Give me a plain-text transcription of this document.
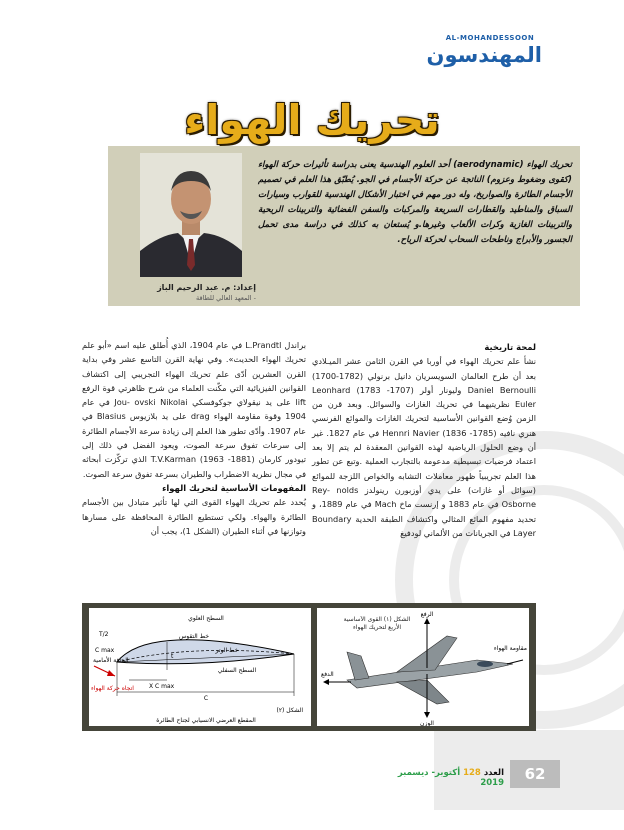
AL-MOHANDESSOON
المهندسون
تحريك الهواء
إعداد: م. عبد الرحيم الباز
- المعهد العالي للطاقة
تحريك الهواء (aerodynamic) أحد العلوم الهندسية يعنى بدراسة تأثيرات حركة الهواء (كقوى وضغوط وعزوم) الناتجة عن حركة الأجسام في الجو. يُطبّق هذا العلم في تصميم الأجسام الطائرة والصواريخ، وله دور مهم في اختبار الأشكال الهندسية للقوارب وسيارات السباق والمناطيد والقطارات السريعة والمركبات والسفن الفضائية والتربينات الريحية والتربينات الغازية وكرات الألعاب وغيرها.و يُستعان به كذلك في دراسة مدى تحمل الجسور والأبراج وناطحات السحاب لحركة الرياح.
لمحة تاريخية

نشأ علم تحريك الهواء في أوربا في القرن الثامن عشر الميـلادي بعد أن طرح العالمان السويسريان دانيل برنولي (1782-1700) Daniel Bernoulli وليونار أولر (1707- 1783) Leonhard Euler نظريتيهما في تحريك الغازات والسوائل. وبعد قرن من الزمن وُضع القوانين الأساسية لتحريك الغازات والموائع الفرنسي هنري نافيه (1785- 1836) Hennri Navier في عام 1827. غير أن وضع الحلول الرياضية لهذه القوانين المعقدة لم يتم إلا بعد اعتماد فرضيات تبسيطية مدعومة بالتجارب العملية .وتبع عن تطور هذا العلم تجريبياً ظهور معاملات التشابه والخواص اللزجة للموائع (سوائل أو غازات) على يدي أوزبورن رينولدز Rey- nolds Osborne في عام 1883 و إرنست ماخ Mach في عام 1889، و تحديد مفهوم المائع المثالي واكتشاف الطبقة الحدية Boundary Layer في الجريانات من الألماني لودفيغ

براندل L.Prandtl في عام 1904، الذي أُطلق عليه اسم «أبو علم تحريك الهواء الحديث». وفي نهاية القرن التاسع عشر وفي بداية القرن العشرين أدّى علم تحريك الهواء التجريبي إلى اكتشاف القوانين الفيزيائية التي مكّنت العلماء من شرح ظاهرتي قوة الرفع lift على يد نيقولاي جوكوفسكي Jou- ovski Nikolai في عام 1904 وقوة مقاومة الهواء drag على يد بلازيوس Blasius في عام 1907. وأدّى تطور هذا العلم إلى زيادة سرعة الأجسام الطائرة إلى سرعات تفوق سرعة الصوت، ويعود الفضل في ذلك إلى تيودور كارمان (1881- 1963) T.V.Karman الذي تركّزت أبحاثه في مجال نظرية الاضطراب والطيران بسرعة تفوق سرعة الصوت.

المفهومات الأساسية لتحريك الهواء

يُحدد علم تحريك الهواء القوى التي لها تأثير متبادل بين الأجسام الطائرة والهواء. ولكي تستطيع الطائرة المحافظة على مسارها وتوازنها في أثناء الطيران (الشكل 1)، يجب أن

السطح العلوي
خط التقوس
خط الوتر
السطح السفلي
الحافة الأمامية
اتجاه حركة الهواء
T/2
C max
t
X C max
C
الشكل (٢)
المقطع العرضي الانسيابي لجناح الطائرة
الرفع
الوزن
الدفع
مقاومة الهواء
الشكل (١) القوى الأساسية الأربع لتحريك الهواء
62
العدد 128 أكتوبر- ديسمبر 2019
